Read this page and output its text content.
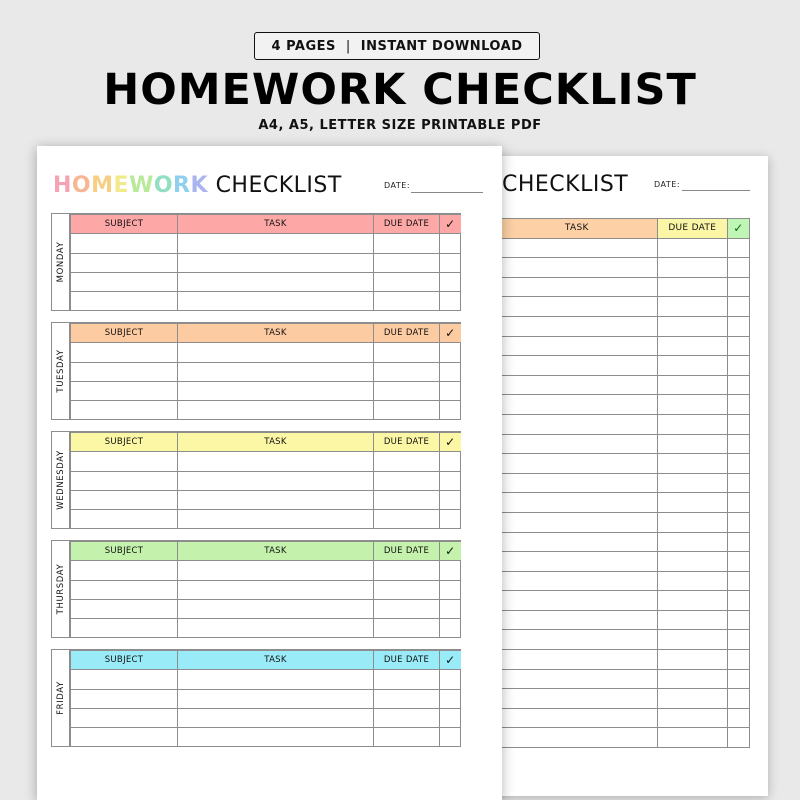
4 PAGES | INSTANT DOWNLOAD
HOMEWORK CHECKLIST
A4, A5, LETTER SIZE PRINTABLE PDF
CHECKLIST	DATE:
TASK	DUE DATE	✓

HOMEWORK CHECKLIST	DATE:
MONDAY
SUBJECT	TASK	DUE DATE	✓

TUESDAY
SUBJECT	TASK	DUE DATE	✓

WEDNESDAY
SUBJECT	TASK	DUE DATE	✓

THURSDAY
SUBJECT	TASK	DUE DATE	✓

FRIDAY
SUBJECT	TASK	DUE DATE	✓
